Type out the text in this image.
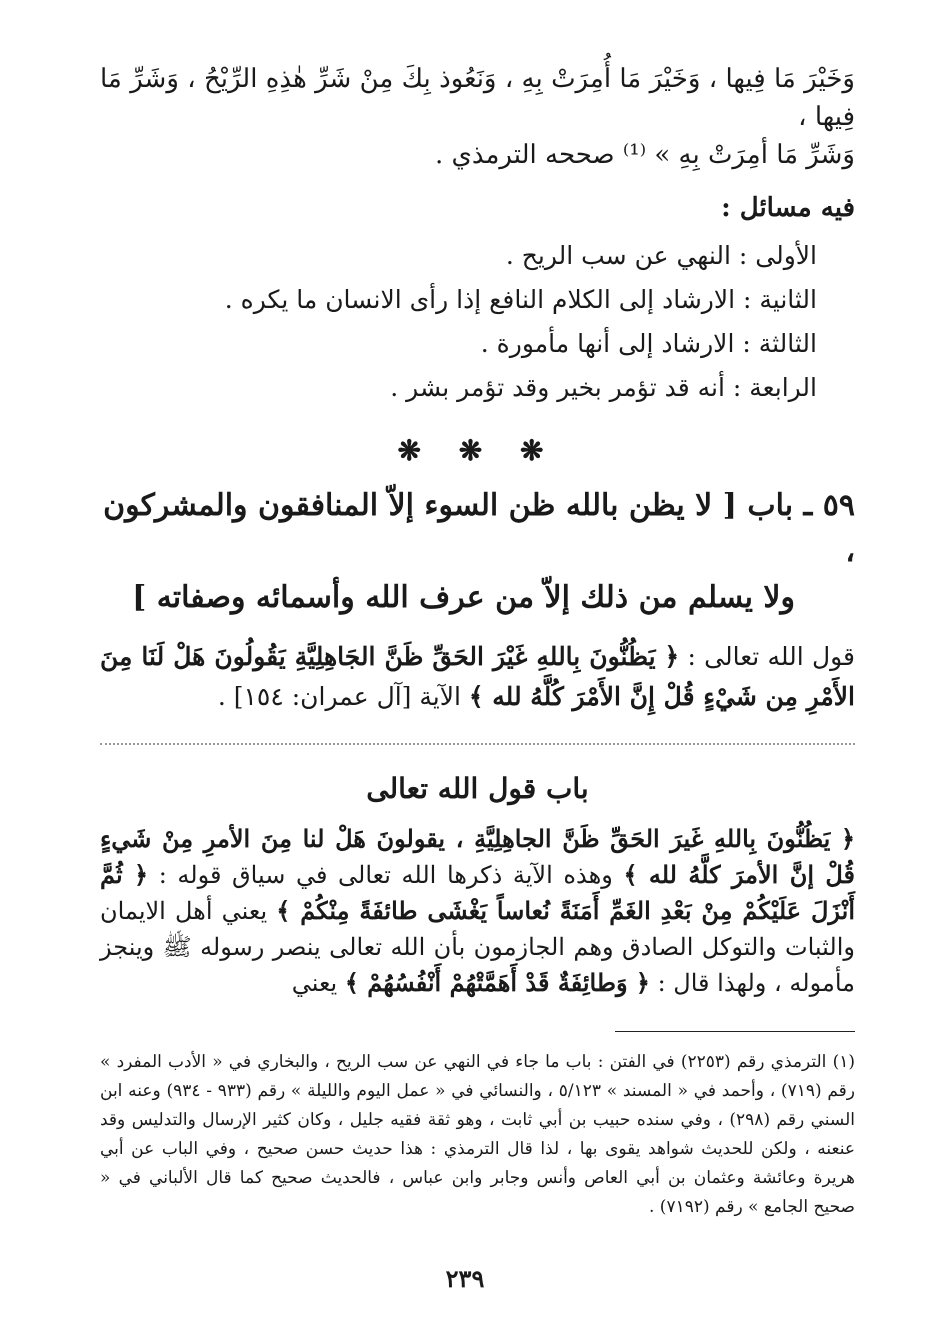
وَخَيْرَ مَا فِيها ، وَخَيْرَ مَا أُمِرَتْ بِهِ ، وَنَعُوذ بِكَ مِنْ شَرِّ هٰذِهِ الرِّيْحُ ، وَشَرِّ مَا فِيها ،
وَشَرِّ مَا أمِرَتْ بِهِ » ⁽¹⁾ صححه الترمذي .
فيه مسائل :
الأولى : النهي عن سب الريح .
الثانية : الارشاد إلى الكلام النافع إذا رأى الانسان ما يكره .
الثالثة : الارشاد إلى أنها مأمورة .
الرابعة : أنه قد تؤمر بخير وقد تؤمر بشر .
❋ ❋ ❋
٥٩ ـ باب [ لا يظن بالله ظن السوء إلاّ المنافقون والمشركون ،
ولا يسلم من ذلك إلاّ من عرف الله وأسمائه وصفاته ]
قول الله تعالى : ﴿ يَظُنُّونَ بِاللهِ غَيْرَ الحَقِّ ظَنَّ الجَاهِلِيَّةِ يَقُولُونَ هَلْ لَنَا مِنَ الأَمْرِ مِن شَيْءٍ قُلْ إِنَّ الأَمْرَ كُلَّهُ لله ﴾ الآية [آل عمران: ١٥٤] .
باب قول الله تعالى
﴿ يَظُنُّونَ بِاللهِ غَيرَ الحَقِّ ظَنَّ الجاهِلِيَّةِ ، يقولونَ هَلْ لنا مِنَ الأمرِ مِنْ شَيءٍ قُلْ إنَّ الأمرَ كلَّهُ لله ﴾ وهذه الآية ذكرها الله تعالى في سياق قوله : ﴿ ثُمَّ أَنْزَلَ عَلَيْكُمْ مِنْ بَعْدِ الغَمِّ أَمَنَةً نُعاساً يَغْشَى طائفَةً مِنْكُمْ ﴾ يعني أهل الايمان والثبات والتوكل الصادق وهم الجازمون بأن الله تعالى ينصر رسوله ﷺ وينجز مأموله ، ولهذا قال : ﴿ وَطائِفَةٌ قَدْ أَهَمَّتْهُمْ أَنْفُسُهُمْ ﴾ يعني
(١) الترمذي رقم (٢٢٥٣) في الفتن : باب ما جاء في النهي عن سب الريح ، والبخاري في « الأدب المفرد » رقم (٧١٩) ، وأحمد في « المسند » ٥/١٢٣ ، والنسائي في « عمل اليوم والليلة » رقم (٩٣٣ - ٩٣٤) وعنه ابن السني رقم (٢٩٨) ، وفي سنده حبيب بن أبي ثابت ، وهو ثقة فقيه جليل ، وكان كثير الإرسال والتدليس وقد عنعنه ، ولكن للحديث شواهد يقوى بها ، لذا قال الترمذي : هذا حديث حسن صحيح ، وفي الباب عن أبي هريرة وعائشة وعثمان بن أبي العاص وأنس وجابر وابن عباس ، فالحديث صحيح كما قال الألباني في « صحيح الجامع » رقم (٧١٩٢) .
٢٣٩
